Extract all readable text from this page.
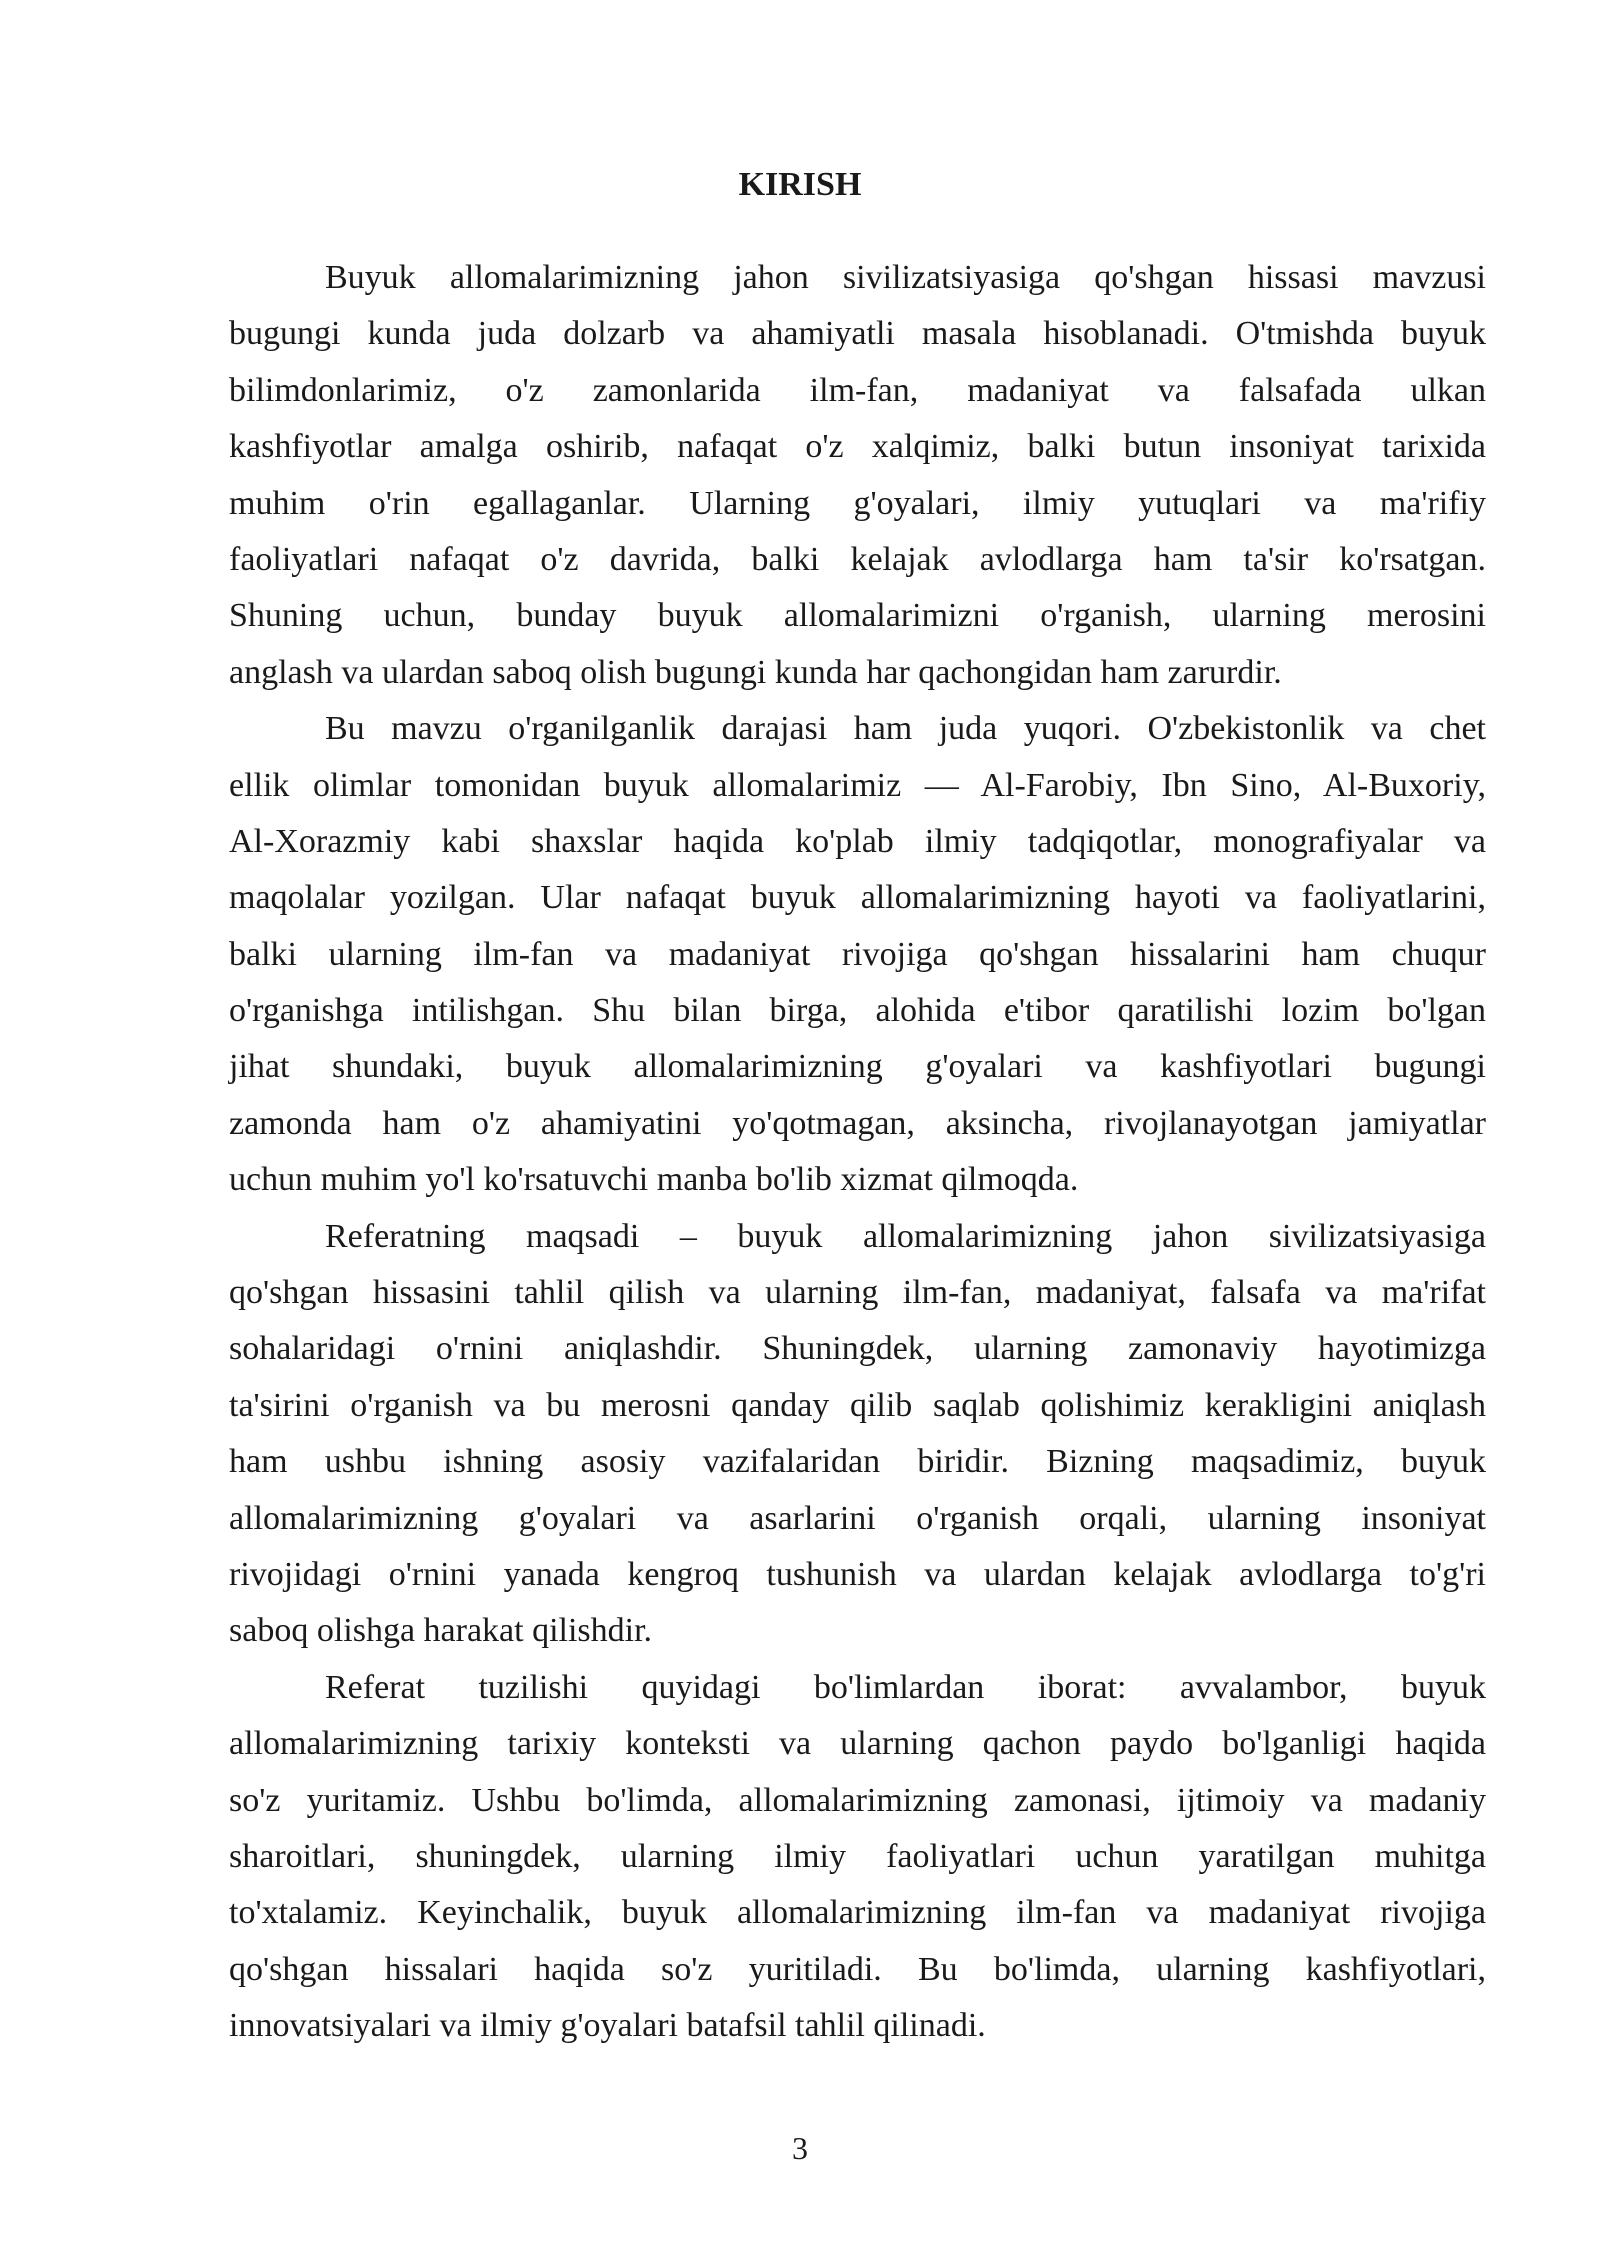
KIRISH
Buyuk allomalarimizning jahon sivilizatsiyasiga qo'shgan hissasi mavzusi
bugungi kunda juda dolzarb va ahamiyatli masala hisoblanadi. O'tmishda buyuk
bilimdonlarimiz, o'z zamonlarida ilm-fan, madaniyat va falsafada ulkan
kashfiyotlar amalga oshirib, nafaqat o'z xalqimiz, balki butun insoniyat tarixida
muhim o'rin egallaganlar. Ularning g'oyalari, ilmiy yutuqlari va ma'rifiy
faoliyatlari nafaqat o'z davrida, balki kelajak avlodlarga ham ta'sir ko'rsatgan.
Shuning uchun, bunday buyuk allomalarimizni o'rganish, ularning merosini
anglash va ulardan saboq olish bugungi kunda har qachongidan ham zarurdir.
Bu mavzu o'rganilganlik darajasi ham juda yuqori. O'zbekistonlik va chet
ellik olimlar tomonidan buyuk allomalarimiz — Al-Farobiy, Ibn Sino, Al-Buxoriy,
Al-Xorazmiy kabi shaxslar haqida ko'plab ilmiy tadqiqotlar, monografiyalar va
maqolalar yozilgan. Ular nafaqat buyuk allomalarimizning hayoti va faoliyatlarini,
balki ularning ilm-fan va madaniyat rivojiga qo'shgan hissalarini ham chuqur
o'rganishga intilishgan. Shu bilan birga, alohida e'tibor qaratilishi lozim bo'lgan
jihat shundaki, buyuk allomalarimizning g'oyalari va kashfiyotlari bugungi
zamonda ham o'z ahamiyatini yo'qotmagan, aksincha, rivojlanayotgan jamiyatlar
uchun muhim yo'l ko'rsatuvchi manba bo'lib xizmat qilmoqda.
Referatning maqsadi – buyuk allomalarimizning jahon sivilizatsiyasiga
qo'shgan hissasini tahlil qilish va ularning ilm-fan, madaniyat, falsafa va ma'rifat
sohalaridagi o'rnini aniqlashdir. Shuningdek, ularning zamonaviy hayotimizga
ta'sirini o'rganish va bu merosni qanday qilib saqlab qolishimiz kerakligini aniqlash
ham ushbu ishning asosiy vazifalaridan biridir. Bizning maqsadimiz, buyuk
allomalarimizning g'oyalari va asarlarini o'rganish orqali, ularning insoniyat
rivojidagi o'rnini yanada kengroq tushunish va ulardan kelajak avlodlarga to'g'ri
saboq olishga harakat qilishdir.
Referat tuzilishi quyidagi bo'limlardan iborat: avvalambor, buyuk
allomalarimizning tarixiy konteksti va ularning qachon paydo bo'lganligi haqida
so'z yuritamiz. Ushbu bo'limda, allomalarimizning zamonasi, ijtimoiy va madaniy
sharoitlari, shuningdek, ularning ilmiy faoliyatlari uchun yaratilgan muhitga
to'xtalamiz. Keyinchalik, buyuk allomalarimizning ilm-fan va madaniyat rivojiga
qo'shgan hissalari haqida so'z yuritiladi. Bu bo'limda, ularning kashfiyotlari,
innovatsiyalari va ilmiy g'oyalari batafsil tahlil qilinadi.
3
